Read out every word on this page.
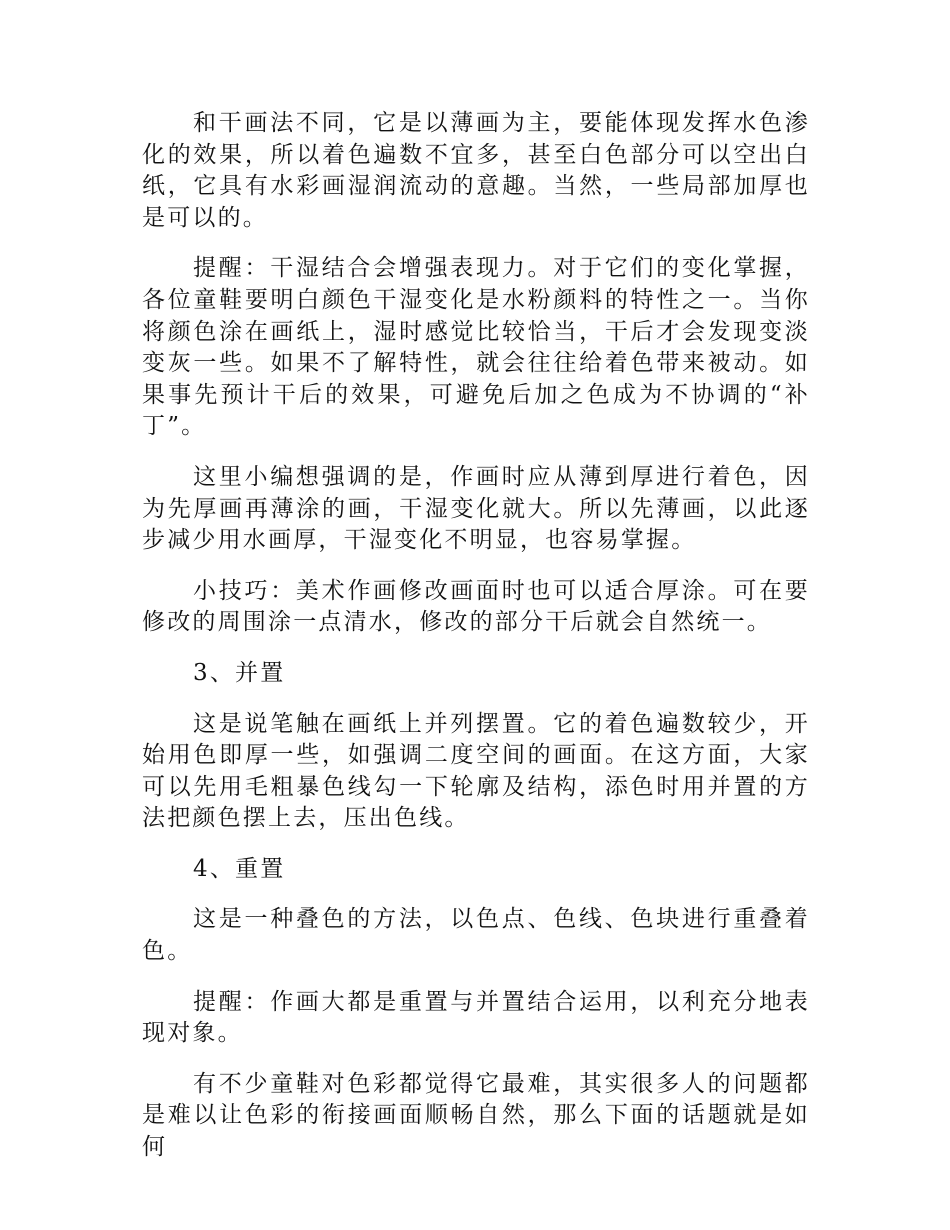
和干画法不同，它是以薄画为主，要能体现发挥水色渗化的效果，所以着色遍数不宜多，甚至白色部分可以空出白纸，它具有水彩画湿润流动的意趣。当然，一些局部加厚也是可以的。

提醒：干湿结合会增强表现力。对于它们的变化掌握，各位童鞋要明白颜色干湿变化是水粉颜料的特性之一。当你将颜色涂在画纸上，湿时感觉比较恰当，干后才会发现变淡变灰一些。如果不了解特性，就会往往给着色带来被动。如果事先预计干后的效果，可避免后加之色成为不协调的“补丁”。

这里小编想强调的是，作画时应从薄到厚进行着色，因为先厚画再薄涂的画，干湿变化就大。所以先薄画，以此逐步减少用水画厚，干湿变化不明显，也容易掌握。

小技巧：美术作画修改画面时也可以适合厚涂。可在要修改的周围涂一点清水，修改的部分干后就会自然统一。

3、并置

这是说笔触在画纸上并列摆置。它的着色遍数较少，开始用色即厚一些，如强调二度空间的画面。在这方面，大家可以先用毛粗暴色线勾一下轮廓及结构，添色时用并置的方法把颜色摆上去，压出色线。

4、重置

这是一种叠色的方法，以色点、色线、色块进行重叠着色。

提醒：作画大都是重置与并置结合运用，以利充分地表现对象。

有不少童鞋对色彩都觉得它最难，其实很多人的问题都是难以让色彩的衔接画面顺畅自然，那么下面的话题就是如何
